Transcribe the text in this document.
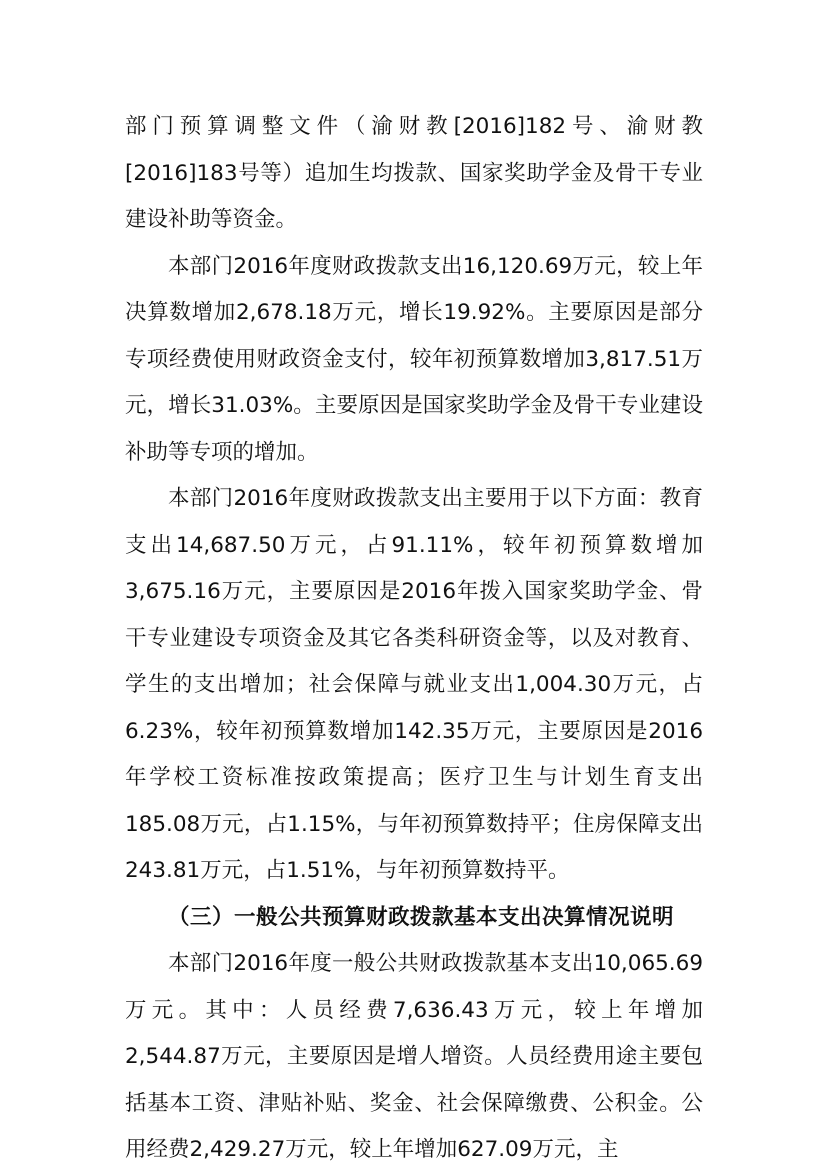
部门预算调整文件（渝财教[2016]182号、渝财教[2016]183号等）追加生均拨款、国家奖助学金及骨干专业建设补助等资金。

本部门2016年度财政拨款支出16,120.69万元，较上年决算数增加2,678.18万元，增长19.92%。主要原因是部分专项经费使用财政资金支付，较年初预算数增加3,817.51万元，增长31.03%。主要原因是国家奖助学金及骨干专业建设补助等专项的增加。

本部门2016年度财政拨款支出主要用于以下方面：教育支出14,687.50万元，占91.11%，较年初预算数增加3,675.16万元，主要原因是2016年拨入国家奖助学金、骨干专业建设专项资金及其它各类科研资金等，以及对教育、学生的支出增加；社会保障与就业支出1,004.30万元，占6.23%，较年初预算数增加142.35万元，主要原因是2016年学校工资标准按政策提高；医疗卫生与计划生育支出185.08万元，占1.15%，与年初预算数持平；住房保障支出243.81万元，占1.51%，与年初预算数持平。

（三）一般公共预算财政拨款基本支出决算情况说明

本部门2016年度一般公共财政拨款基本支出10,065.69万元。其中：人员经费7,636.43万元，较上年增加2,544.87万元，主要原因是增人增资。人员经费用途主要包括基本工资、津贴补贴、奖金、社会保障缴费、公积金。公用经费2,429.27万元，较上年增加627.09万元，主
